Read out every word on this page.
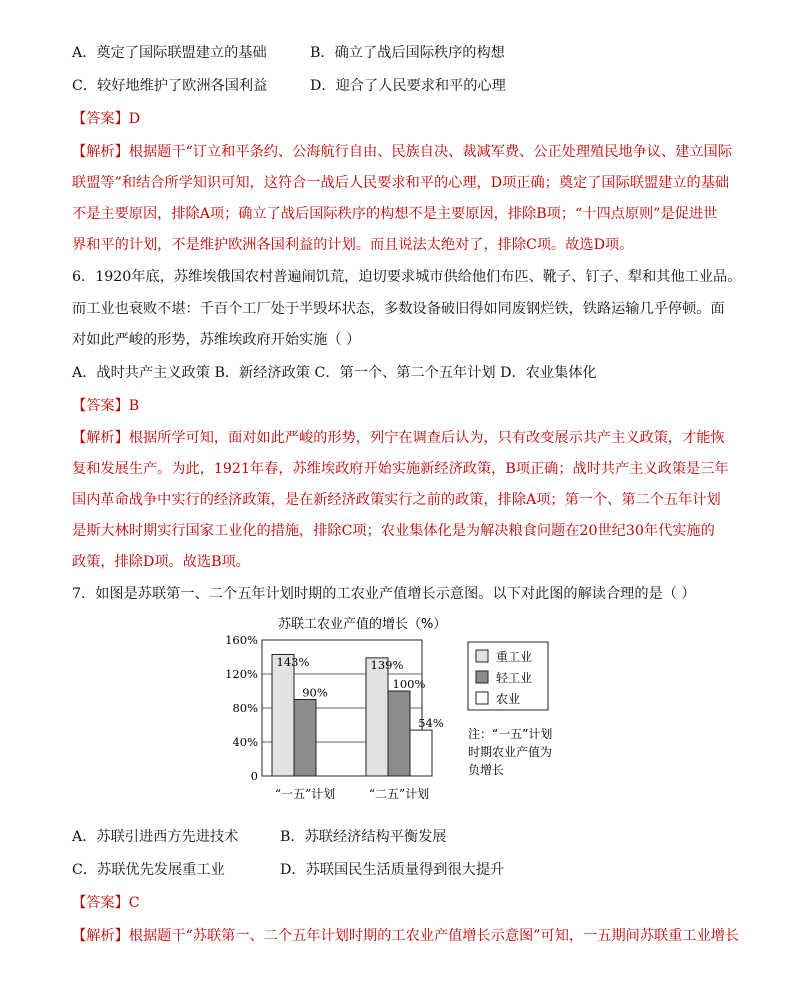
A．奠定了国际联盟建立的基础	B．确立了战后国际秩序的构想
C．较好地维护了欧洲各国利益	D．迎合了人民要求和平的心理
【答案】D
【解析】根据题干“订立和平条约、公海航行自由、民族自决、裁减军费、公正处理殖民地争议、建立国际
联盟等”和结合所学知识可知，这符合一战后人民要求和平的心理，D项正确；奠定了国际联盟建立的基础
不是主要原因，排除A项；确立了战后国际秩序的构想不是主要原因，排除B项；“十四点原则”是促进世
界和平的计划，不是维护欧洲各国利益的计划。而且说法太绝对了，排除C项。故选D项。
6．1920年底，苏维埃俄国农村普遍闹饥荒，迫切要求城市供给他们布匹、靴子、钉子、犁和其他工业品。
而工业也衰败不堪：千百个工厂处于半毁坏状态，多数设备破旧得如同废钢烂铁，铁路运输几乎停顿。面
对如此严峻的形势，苏维埃政府开始实施（ ）
A．战时共产主义政策 B．新经济政策 C．第一个、第二个五年计划 D．农业集体化
【答案】B
【解析】根据所学可知，面对如此严峻的形势，列宁在调查后认为，只有改变展示共产主义政策，才能恢
复和发展生产。为此，1921年春，苏维埃政府开始实施新经济政策，B项正确；战时共产主义政策是三年
国内革命战争中实行的经济政策，是在新经济政策实行之前的政策，排除A项；第一个、第二个五年计划
是斯大林时期实行国家工业化的措施，排除C项；农业集体化是为解决粮食问题在20世纪30年代实施的
政策，排除D项。故选B项。
7．如图是苏联第一、二个五年计划时期的工农业产值增长示意图。以下对此图的解读合理的是（ ）
苏联工农业产值的增长（%）
0
40%
80%
120%
160%
143%
90%
139%
100%
54%
“一五”计划	“二五”计划
重工业
轻工业
农业
注：“一五”计划
时期农业产值为
负增长
A．苏联引进西方先进技术	B．苏联经济结构平衡发展
C．苏联优先发展重工业	D．苏联国民生活质量得到很大提升
【答案】C
【解析】根据题干“苏联第一、二个五年计划时期的工农业产值增长示意图”可知，一五期间苏联重工业增长
